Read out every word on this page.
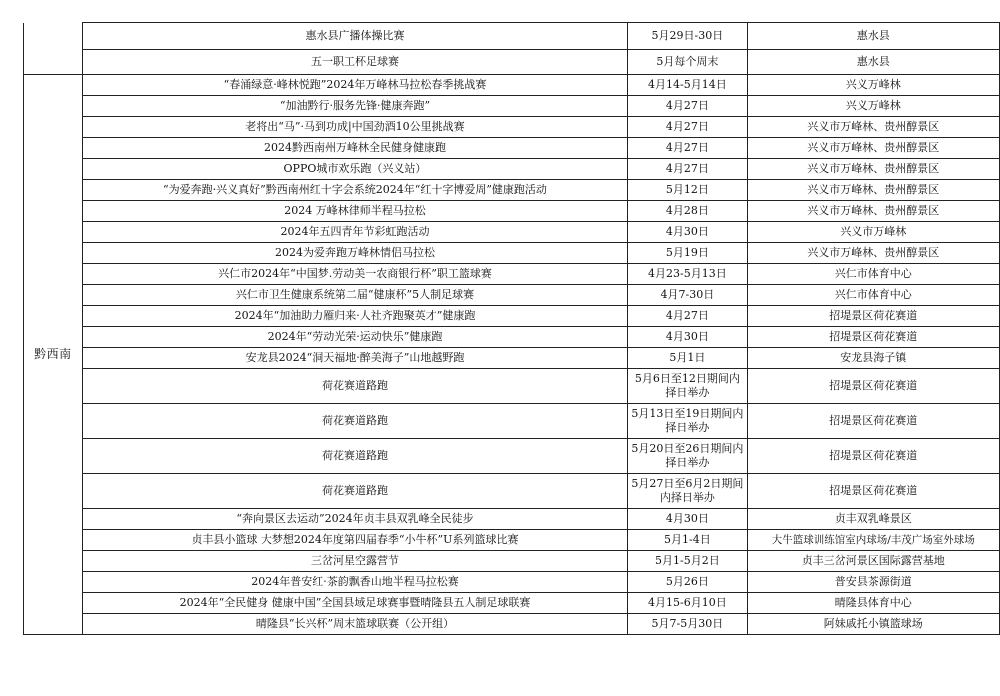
	惠水县广播体操比赛	5月29日-30日	惠水县
	五一职工杯足球赛	5月每个周末	惠水县
黔西南	“春涌绿意·峰林悦跑”2024年万峰林马拉松春季挑战赛	4月14-5月14日	兴义万峰林
	“加油黔行·服务先锋·健康奔跑”	4月27日	兴义万峰林
	老将出“马”·马到功成|中国劲酒10公里挑战赛	4月27日	兴义市万峰林、贵州醇景区
	2024黔西南州万峰林全民健身健康跑	4月27日	兴义市万峰林、贵州醇景区
	OPPO城市欢乐跑（兴义站）	4月27日	兴义市万峰林、贵州醇景区
	“为爱奔跑·兴义真好”黔西南州红十字会系统2024年“红十字博爱周”健康跑活动	5月12日	兴义市万峰林、贵州醇景区
	2024 万峰林律师半程马拉松	4月28日	兴义市万峰林、贵州醇景区
	2024年五四青年节彩虹跑活动	4月30日	兴义市万峰林
	2024为爱奔跑万峰林情侣马拉松	5月19日	兴义市万峰林、贵州醇景区
	兴仁市2024年“中国梦.劳动美一农商银行杯”职工篮球赛	4月23-5月13日	兴仁市体育中心
	兴仁市卫生健康系统第二届“健康杯”5人制足球赛	4月7-30日	兴仁市体育中心
	2024年“加油助力雁归来·人社齐跑聚英才”健康跑	4月27日	招堤景区荷花赛道
	2024年“劳动光荣·运动快乐”健康跑	4月30日	招堤景区荷花赛道
	安龙县2024“洞天福地·醉美海子”山地越野跑	5月1日	安龙县海子镇
	荷花赛道路跑	5月6日至12日期间内择日举办	招堤景区荷花赛道
	荷花赛道路跑	5月13日至19日期间内择日举办	招堤景区荷花赛道
	荷花赛道路跑	5月20日至26日期间内择日举办	招堤景区荷花赛道
	荷花赛道路跑	5月27日至6月2日期间内择日举办	招堤景区荷花赛道
	“奔向景区去运动”2024年贞丰县双乳峰全民徒步	4月30日	贞丰双乳峰景区
	贞丰县小篮球 大梦想2024年度第四届春季“小牛杯”U系列篮球比赛	5月1-4日	大牛篮球训练馆室内球场/丰茂广场室外球场
	三岔河星空露营节	5月1-5月2日	贞丰三岔河景区国际露营基地
	2024年普安红·茶韵飘香山地半程马拉松赛	5月26日	普安县茶源街道
	2024年“全民健身 健康中国”全国县域足球赛事暨晴隆县五人制足球联赛	4月15-6月10日	晴隆县体育中心
	晴隆县“长兴杯”周末篮球联赛（公开组）	5月7-5月30日	阿妹戚托小镇篮球场
